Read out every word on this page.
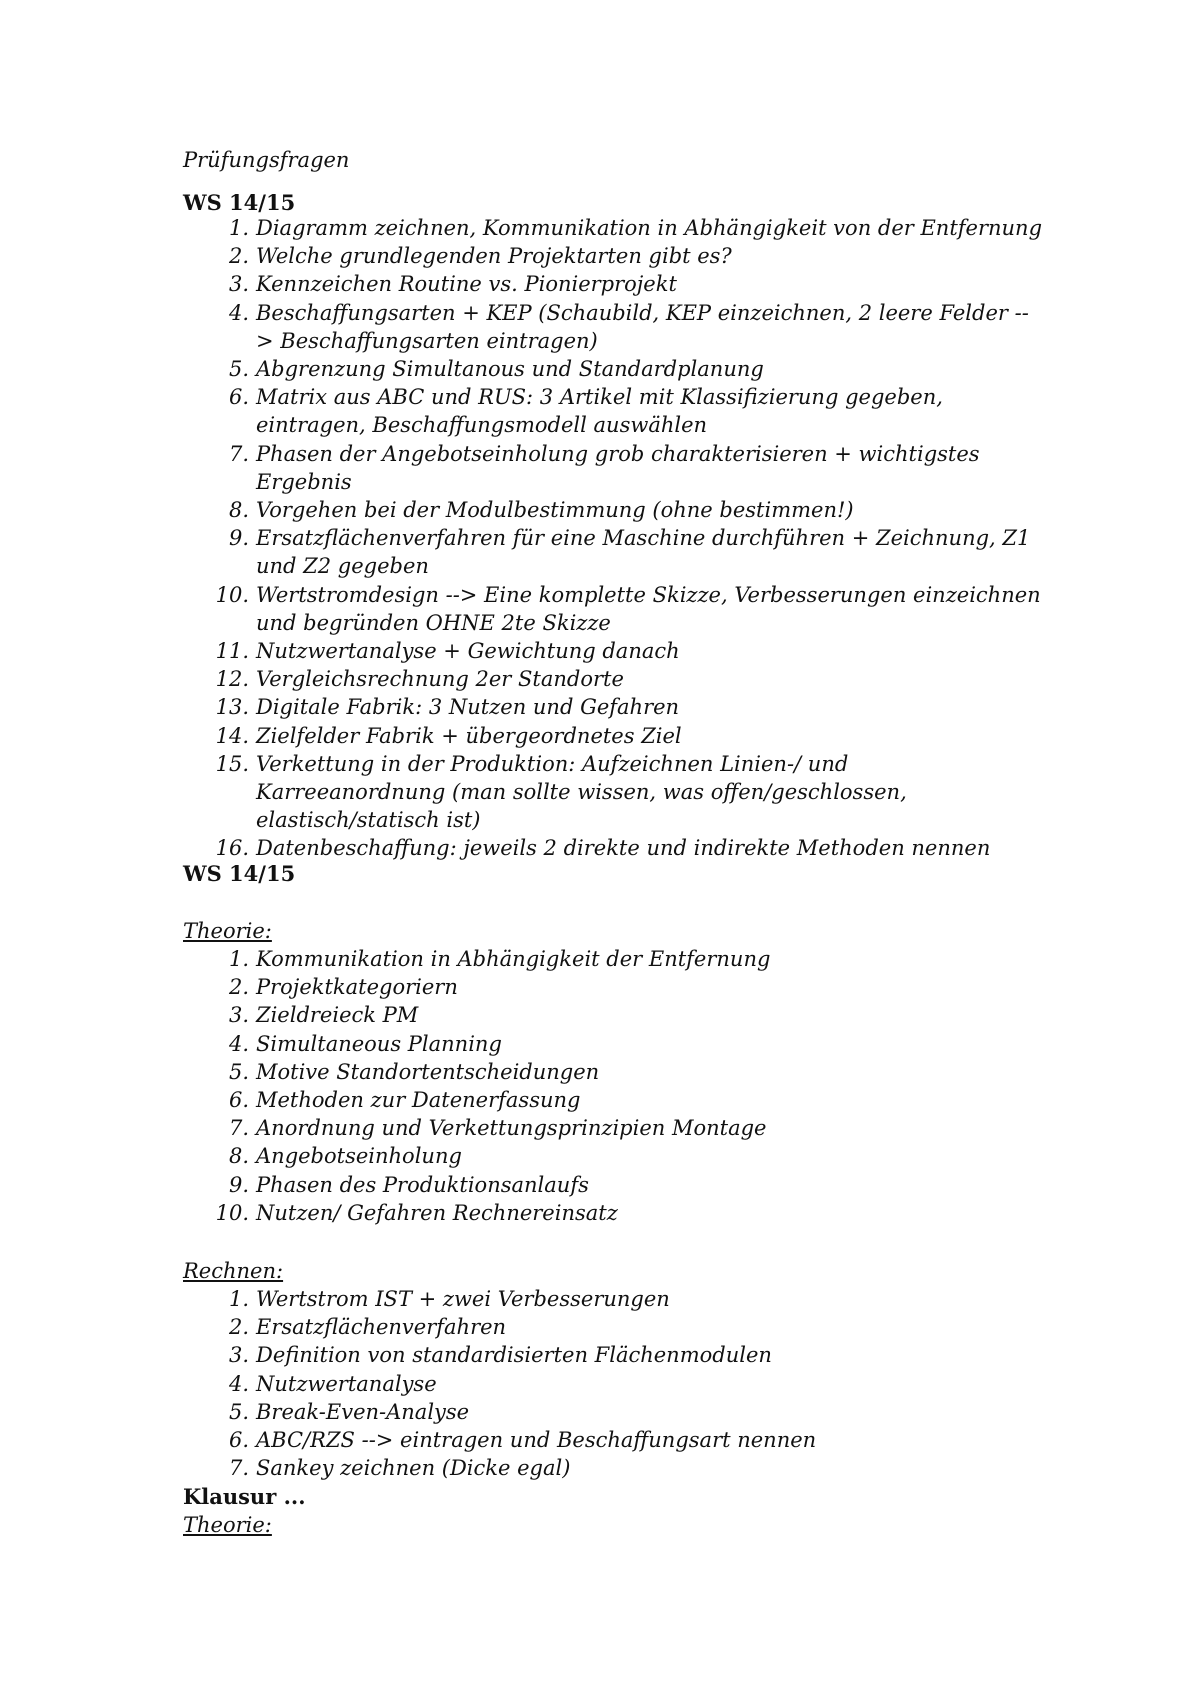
Prüfungsfragen
WS 14/15
1. Diagramm zeichnen, Kommunikation in Abhängigkeit von der Entfernung
2. Welche grundlegenden Projektarten gibt es?
3. Kennzeichen Routine vs. Pionierprojekt
4. Beschaffungsarten + KEP (Schaubild, KEP einzeichnen, 2 leere Felder --> Beschaffungsarten eintragen)
5. Abgrenzung Simultanous und Standardplanung
6. Matrix aus ABC und RUS: 3 Artikel mit Klassifizierung gegeben, eintragen, Beschaffungsmodell auswählen
7. Phasen der Angebotseinholung grob charakterisieren + wichtigstes Ergebnis
8. Vorgehen bei der Modulbestimmung (ohne bestimmen!)
9. Ersatzflächenverfahren für eine Maschine durchführen + Zeichnung, Z1 und Z2 gegeben
10. Wertstromdesign --> Eine komplette Skizze, Verbesserungen einzeichnen und begründen OHNE 2te Skizze
11. Nutzwertanalyse + Gewichtung danach
12. Vergleichsrechnung 2er Standorte
13. Digitale Fabrik: 3 Nutzen und Gefahren
14. Zielfelder Fabrik + übergeordnetes Ziel
15. Verkettung in der Produktion: Aufzeichnen Linien-/ und Karreeanordnung (man sollte wissen, was offen/geschlossen, elastisch/statisch ist)
16. Datenbeschaffung: jeweils 2 direkte und indirekte Methoden nennen
WS 14/15
Theorie:
1. Kommunikation in Abhängigkeit der Entfernung
2. Projektkategoriern
3. Zieldreieck PM
4. Simultaneous Planning
5. Motive Standortentscheidungen
6. Methoden zur Datenerfassung
7. Anordnung und Verkettungsprinzipien Montage
8. Angebotseinholung
9. Phasen des Produktionsanlaufs
10. Nutzen/ Gefahren Rechnereinsatz
Rechnen:
1. Wertstrom IST + zwei Verbesserungen
2. Ersatzflächenverfahren
3. Definition von standardisierten Flächenmodulen
4. Nutzwertanalyse
5. Break-Even-Analyse
6. ABC/RZS --> eintragen und Beschaffungsart nennen
7. Sankey zeichnen (Dicke egal)
Klausur ...
Theorie:
